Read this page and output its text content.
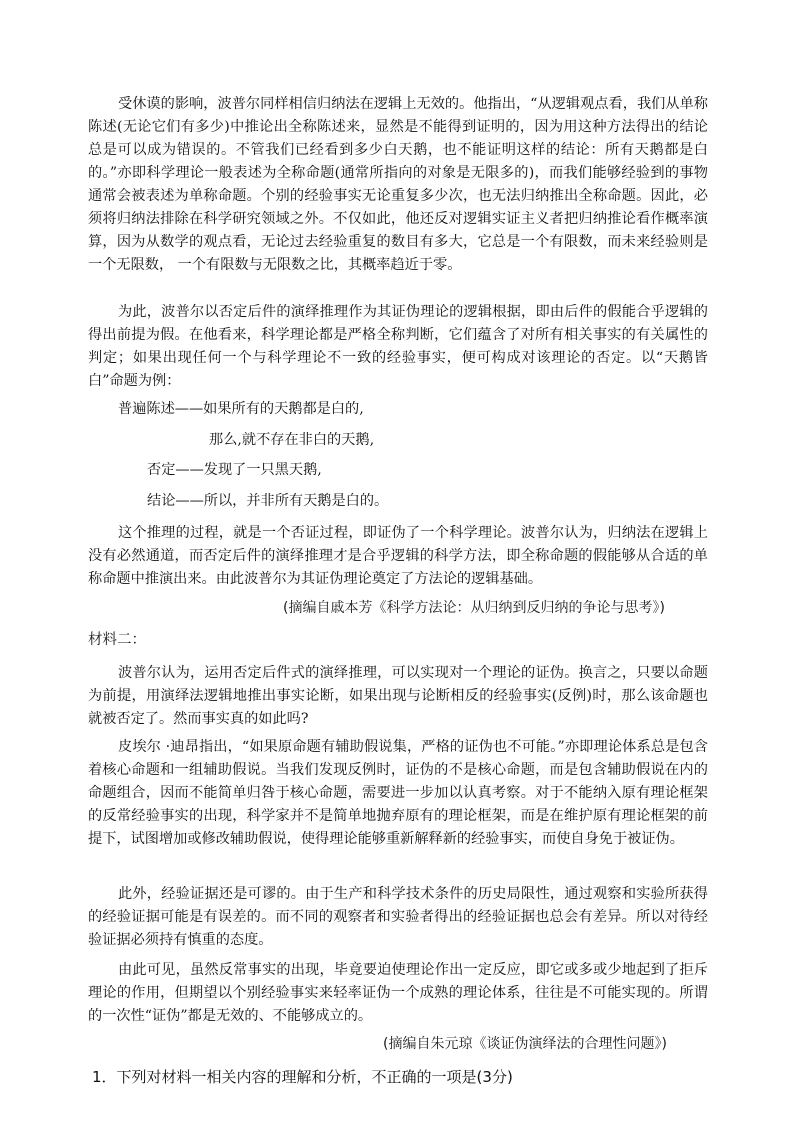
受休谟的影响，波普尔同样相信归纳法在逻辑上无效的。他指出，“从逻辑观点看，我们从单称陈述(无论它们有多少)中推论出全称陈述来，显然是不能得到证明的，因为用这种方法得出的结论总是可以成为错误的。不管我们已经看到多少白天鹅，也不能证明这样的结论：所有天鹅都是白的。”亦即科学理论一般表述为全称命题(通常所指向的对象是无限多的)，而我们能够经验到的事物通常会被表述为单称命题。个别的经验事实无论重复多少次，也无法归纳推出全称命题。因此，必须将归纳法排除在科学研究领域之外。不仅如此，他还反对逻辑实证主义者把归纳推论看作概率演算，因为从数学的观点看，无论过去经验重复的数目有多大，它总是一个有限数，而未来经验则是一个无限数， 一个有限数与无限数之比，其概率趋近于零。

为此，波普尔以否定后件的演绎推理作为其证伪理论的逻辑根据，即由后件的假能合乎逻辑的得出前提为假。在他看来，科学理论都是严格全称判断，它们蕴含了对所有相关事实的有关属性的判定；如果出现任何一个与科学理论不一致的经验事实，便可构成对该理论的否定。以“天鹅皆白”命题为例：

普遍陈述——如果所有的天鹅都是白的,

那么,就不存在非白的天鹅,

否定——发现了一只黑天鹅,

结论——所以，并非所有天鹅是白的。

这个推理的过程，就是一个否证过程，即证伪了一个科学理论。波普尔认为，归纳法在逻辑上没有必然通道，而否定后件的演绎推理才是合乎逻辑的科学方法，即全称命题的假能够从合适的单称命题中推演出来。由此波普尔为其证伪理论奠定了方法论的逻辑基础。

(摘编自戚本芳《科学方法论：从归纳到反归纳的争论与思考》)
材料二：

波普尔认为，运用否定后件式的演绎推理，可以实现对一个理论的证伪。换言之，只要以命题为前提，用演绎法逻辑地推出事实论断，如果出现与论断相反的经验事实(反例)时，那么该命题也就被否定了。然而事实真的如此吗?

皮埃尔 ·迪昂指出，“如果原命题有辅助假说集，严格的证伪也不可能。”亦即理论体系总是包含着核心命题和一组辅助假说。当我们发现反例时，证伪的不是核心命题，而是包含辅助假说在内的命题组合，因而不能简单归咎于核心命题，需要进一步加以认真考察。对于不能纳入原有理论框架的反常经验事实的出现，科学家并不是简单地抛弃原有的理论框架，而是在维护原有理论框架的前提下，试图增加或修改辅助假说，使得理论能够重新解释新的经验事实，而使自身免于被证伪。

此外，经验证据还是可谬的。由于生产和科学技术条件的历史局限性，通过观察和实验所获得的经验证据可能是有误差的。而不同的观察者和实验者得出的经验证据也总会有差异。所以对待经验证据必须持有慎重的态度。

由此可见，虽然反常事实的出现，毕竟要迫使理论作出一定反应，即它或多或少地起到了拒斥理论的作用，但期望以个别经验事实来轻率证伪一个成熟的理论体系，往往是不可能实现的。所谓的一次性“证伪”都是无效的、不能够成立的。

(摘编自朱元琼《谈证伪演绎法的合理性问题》)
1．下列对材料一相关内容的理解和分析，不正确的一项是(3分)
